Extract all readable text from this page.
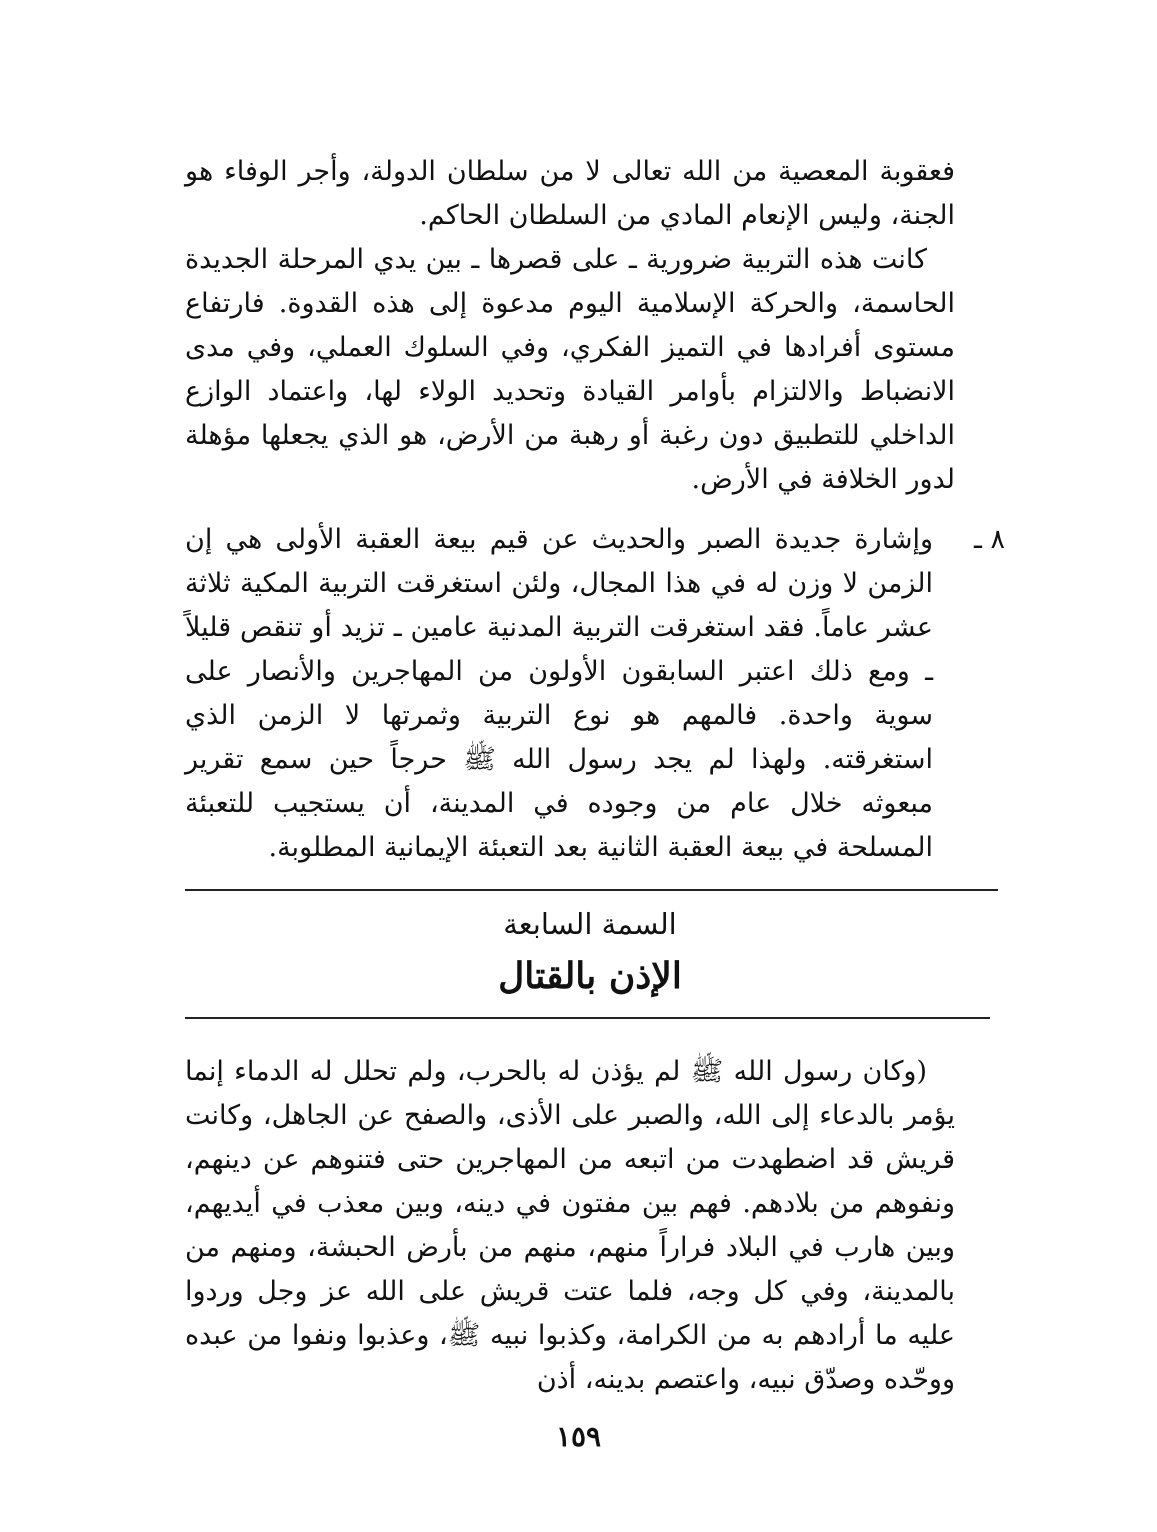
فعقوبة المعصية من الله تعالى لا من سلطان الدولة، وأجر الوفاء هو الجنة، وليس الإنعام المادي من السلطان الحاكم.

كانت هذه التربية ضرورية ـ على قصرها ـ بين يدي المرحلة الجديدة الحاسمة، والحركة الإسلامية اليوم مدعوة إلى هذه القدوة. فارتفاع مستوى أفرادها في التميز الفكري، وفي السلوك العملي، وفي مدى الانضباط والالتزام بأوامر القيادة وتحديد الولاء لها، واعتماد الوازع الداخلي للتطبيق دون رغبة أو رهبة من الأرض، هو الذي يجعلها مؤهلة لدور الخلافة في الأرض.

٨ ـ

وإشارة جديدة الصبر والحديث عن قيم بيعة العقبة الأولى هي إن الزمن لا وزن له في هذا المجال، ولئن استغرقت التربية المكية ثلاثة عشر عاماً. فقد استغرقت التربية المدنية عامين ـ تزيد أو تنقص قليلاً ـ ومع ذلك اعتبر السابقون الأولون من المهاجرين والأنصار على سوية واحدة. فالمهم هو نوع التربية وثمرتها لا الزمن الذي استغرقته. ولهذا لم يجد رسول الله ﷺ حرجاً حين سمع تقرير مبعوثه خلال عام من وجوده في المدينة، أن يستجيب للتعبئة المسلحة في بيعة العقبة الثانية بعد التعبئة الإيمانية المطلوبة.

السمة السابعة
الإذن بالقتال

(وكان رسول الله ﷺ لم يؤذن له بالحرب، ولم تحلل له الدماء إنما يؤمر بالدعاء إلى الله، والصبر على الأذى، والصفح عن الجاهل، وكانت قريش قد اضطهدت من اتبعه من المهاجرين حتى فتنوهم عن دينهم، ونفوهم من بلادهم. فهم بين مفتون في دينه، وبين معذب في أيديهم، وبين هارب في البلاد فراراً منهم، منهم من بأرض الحبشة، ومنهم من بالمدينة، وفي كل وجه، فلما عتت قريش على الله عز وجل وردوا عليه ما أرادهم به من الكرامة، وكذبوا نبيه ﷺ، وعذبوا ونفوا من عبده ووحّده وصدّق نبيه، واعتصم بدينه، أذن

١٥٩
